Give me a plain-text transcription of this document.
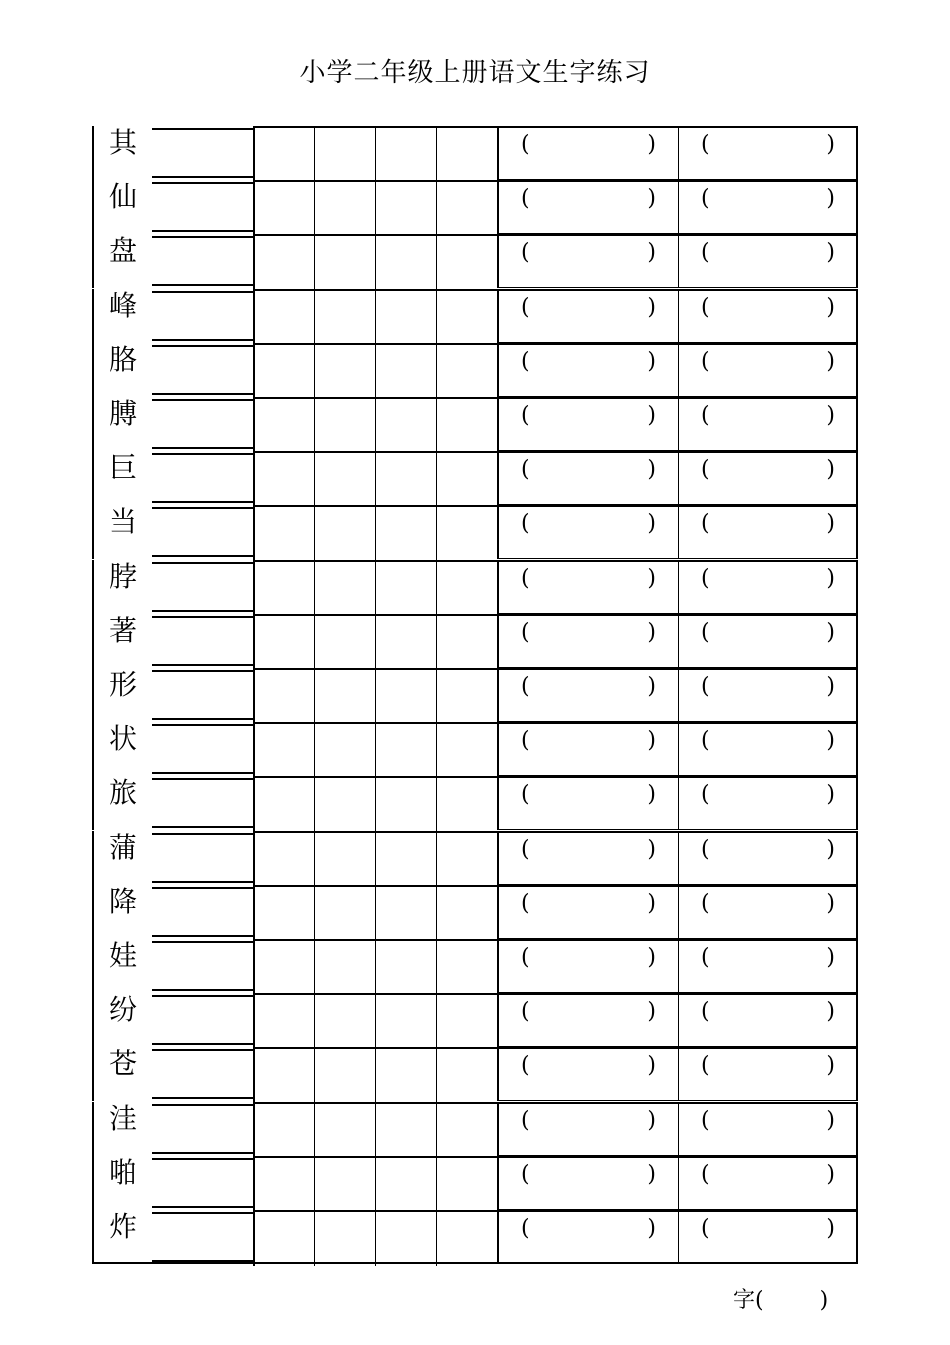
小学二年级上册语文生字练习
其	(	) (	)
仙	(	) (	)
盘	(	) (	)
峰	(	) (	)
胳	(	) (	)
膊	(	) (	)
巨	(	) (	)
当	(	) (	)
脖	(	) (	)
著	(	) (	)
形	(	) (	)
状	(	) (	)
旅	(	) (	)
蒲	(	) (	)
降	(	) (	)
娃	(	) (	)
纷	(	) (	)
苍	(	) (	)
洼	(	) (	)
啪	(	) (	)
炸	(	) (	)
字(	)
